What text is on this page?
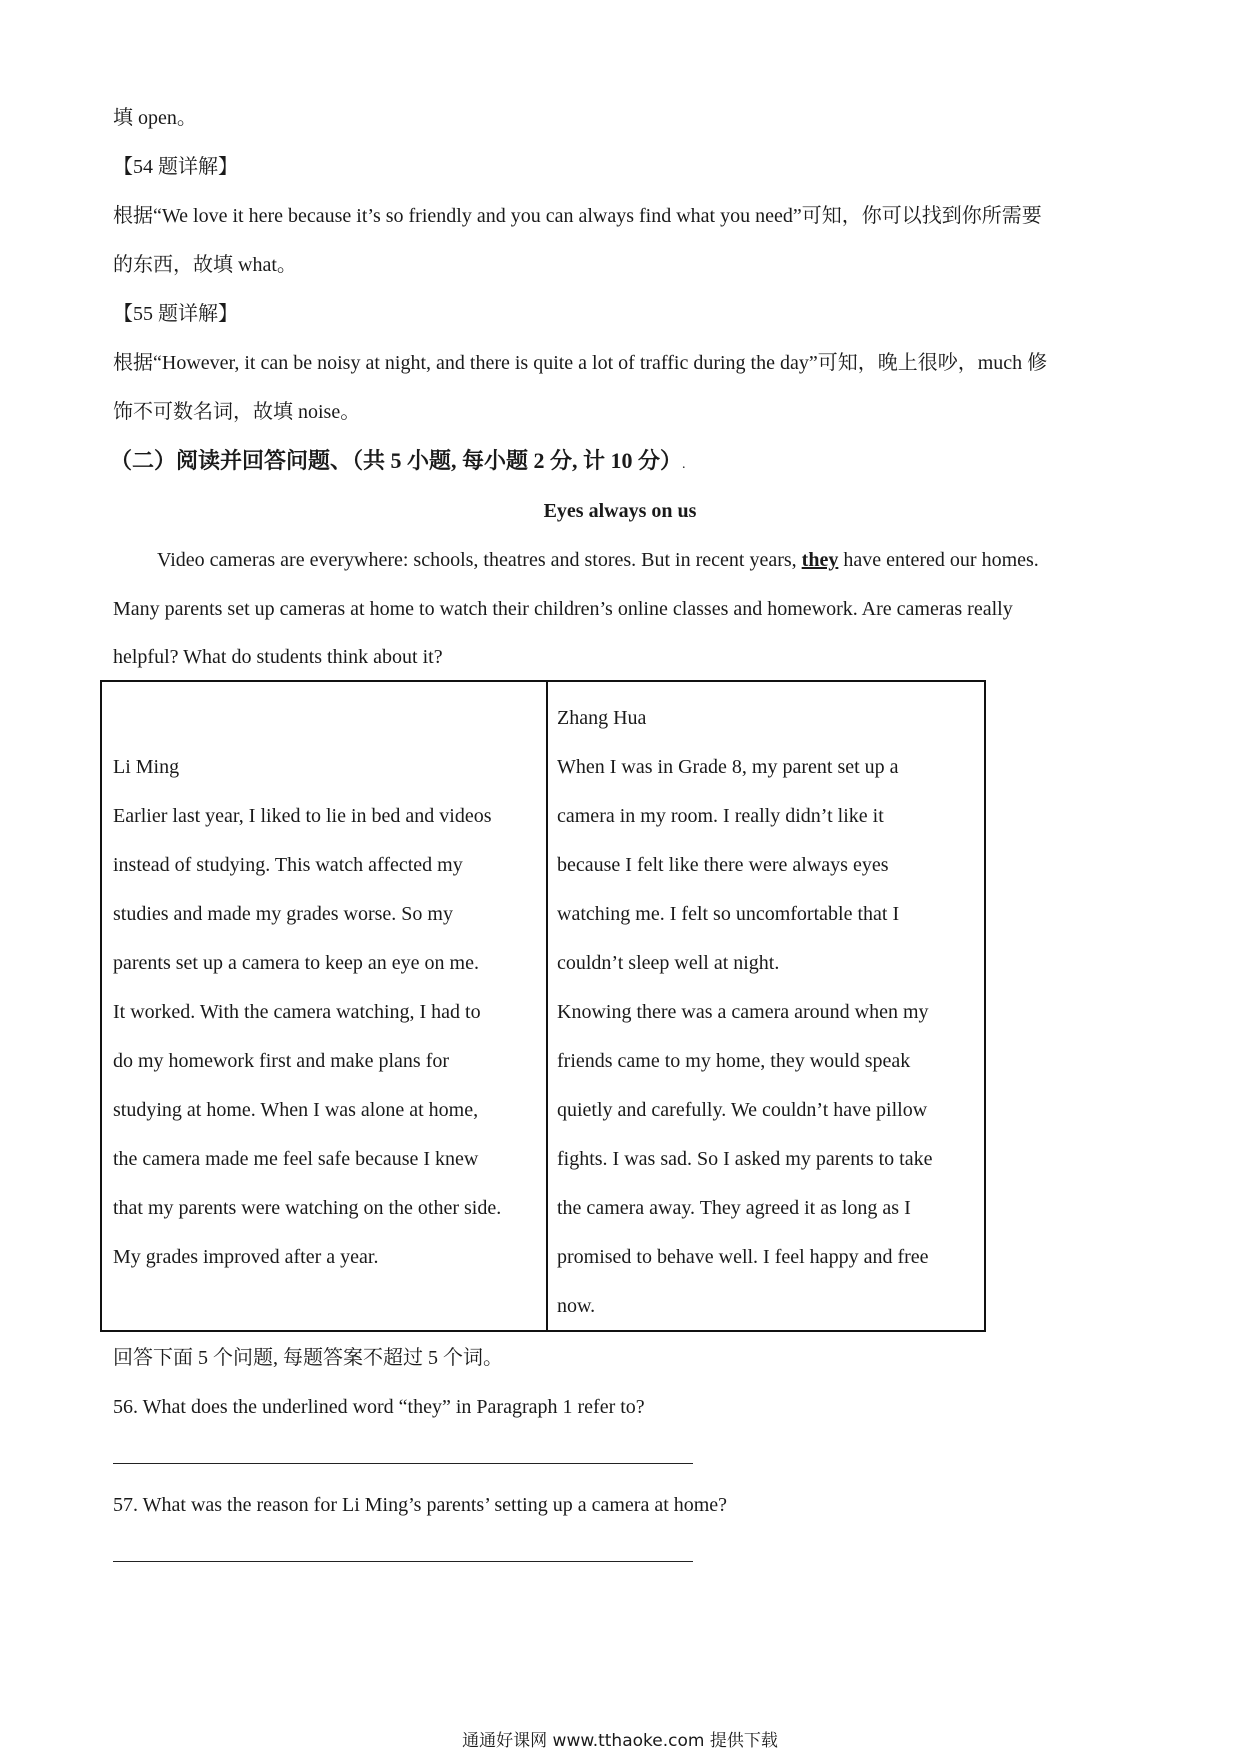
填 open。
【54 题详解】
根据“We love it here because it’s so friendly and you can always find what you need”可知，你可以找到你所需要
的东西，故填 what。
【55 题详解】
根据“However, it can be noisy at night, and there is quite a lot of traffic during the day”可知，晚上很吵，much 修
饰不可数名词，故填 noise。
（二）阅读并回答问题、（共 5 小题, 每小题 2 分, 计 10 分）.
Eyes always on us
Video cameras are everywhere: schools, theatres and stores. But in recent years, they have entered our homes.
Many parents set up cameras at home to watch their children’s online classes and homework. Are cameras really
helpful? What do students think about it?
Li Ming
Earlier last year, I liked to lie in bed and videos
instead of studying. This watch affected my
studies and made my grades worse. So my
parents set up a camera to keep an eye on me.
It worked. With the camera watching, I had to
do my homework first and make plans for
studying at home. When I was alone at home,
the camera made me feel safe because I knew
that my parents were watching on the other side.
My grades improved after a year.
Zhang Hua
When I was in Grade 8, my parent set up a
camera in my room. I really didn’t like it
because I felt like there were always eyes
watching me. I felt so uncomfortable that I
couldn’t sleep well at night.
Knowing there was a camera around when my
friends came to my home, they would speak
quietly and carefully. We couldn’t have pillow
fights. I was sad. So I asked my parents to take
the camera away. They agreed it as long as I
promised to behave well. I feel happy and free
now.
回答下面 5 个问题, 每题答案不超过 5 个词。
56. What does the underlined word “they” in Paragraph 1 refer to?
57. What was the reason for Li Ming’s parents’ setting up a camera at home?
通通好课网 www.tthaoke.com 提供下载
